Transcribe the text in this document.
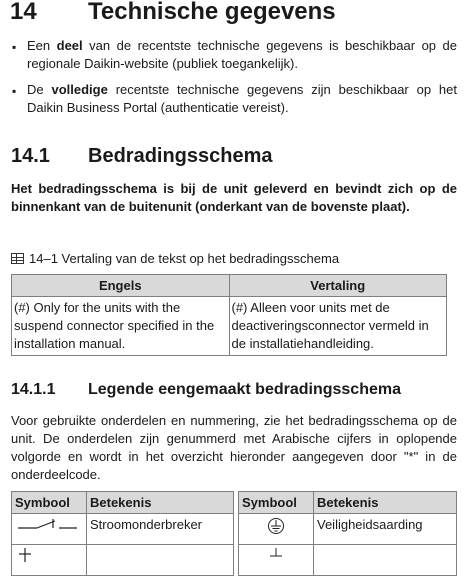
14 Technische gegevens
▪ Een deel van de recentste technische gegevens is beschikbaar op de regionale Daikin-website (publiek toegankelijk).
▪ De volledige recentste technische gegevens zijn beschikbaar op het Daikin Business Portal (authenticatie vereist).
14.1 Bedradingsschema
Het bedradingsschema is bij de unit geleverd en bevindt zich op de binnenkant van de buitenunit (onderkant van de bovenste plaat).
14–1 Vertaling van de tekst op het bedradingsschema
Engels	Vertaling
(#) Only for the units with the suspend connector specified in the installation manual.	(#) Alleen voor units met de deactiveringsconnector vermeld in de installatiehandleiding.
14.1.1 Legende eengemaakt bedradingsschema
Voor gebruikte onderdelen en nummering, zie het bedradingsschema op de unit. De onderdelen zijn genummerd met Arabische cijfers in oplopende volgorde en wordt in het overzicht hieronder aangegeven door "*" in de onderdeelcode.
Symbool	Betekenis		Symbool	Betekenis
	Stroomonderbreker			Veiligheidsaarding
